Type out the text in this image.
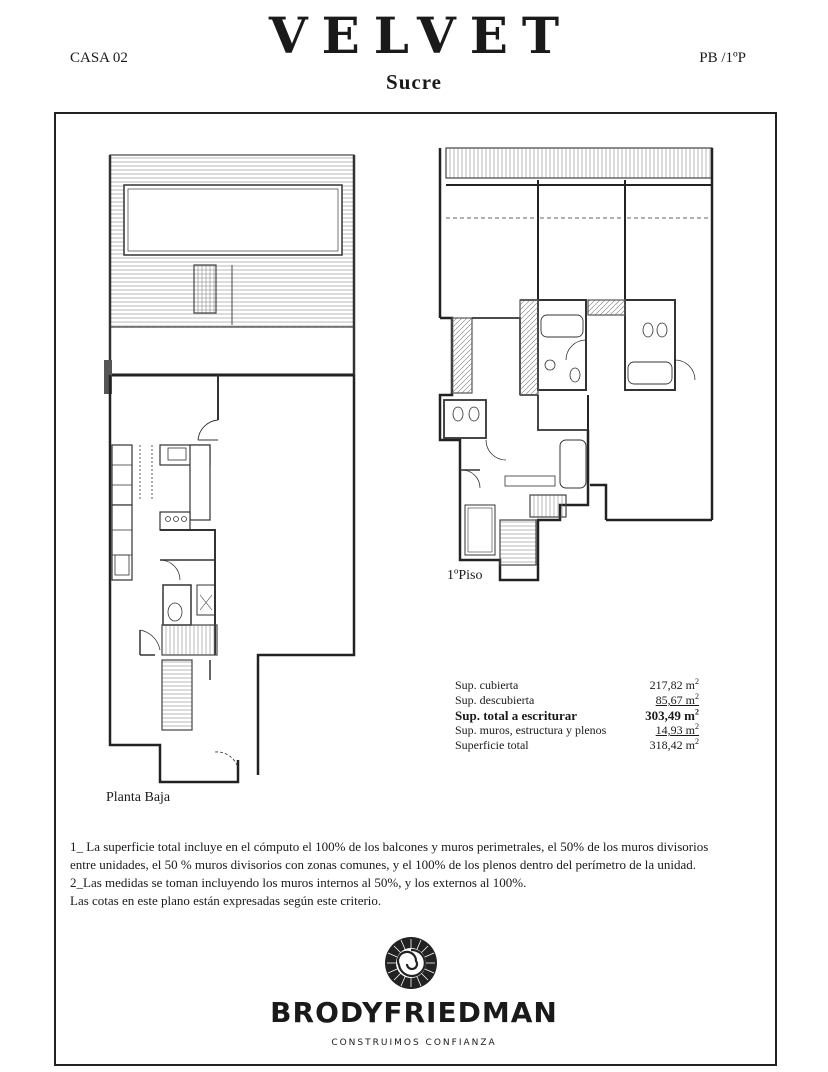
VELVET
Sucre
CASA 02	PB /1ºP
Planta Baja
1ºPiso
Sup. cubierta	217,82 $m^2$
Sup. descubierta	85,67 $m^2$
Sup. total a escriturar	303,49 $m^2$
Sup. muros, estructura y plenos	14,93 $m^2$
Superficie total	318,42 $m^2$
1_ La superficie total incluye en el cómputo el 100% de los balcones y muros perimetrales, el 50% de los muros divisorios
entre unidades, el 50 % muros divisorios con zonas comunes, y el 100% de los plenos dentro del perímetro de la unidad.
2_Las medidas se toman incluyendo los muros internos al 50%, y los externos al 100%.
Las cotas en este plano están expresadas según este criterio.
BRODYFRIEDMAN
CONSTRUIMOS CONFIANZA
